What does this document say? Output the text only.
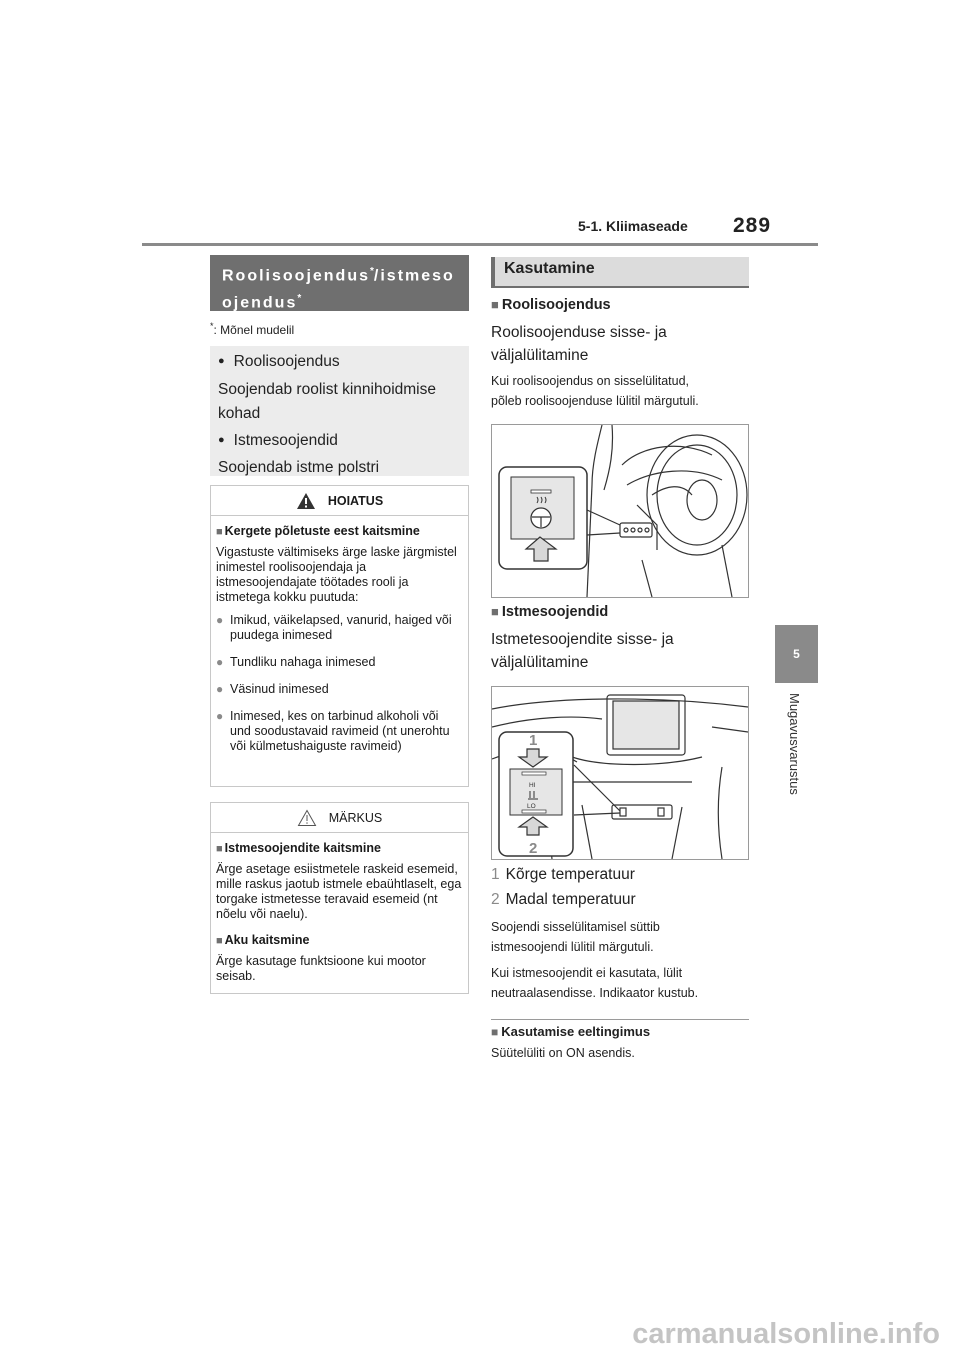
5-1. Kliimaseade 289
5
Mugavusvarustus
Roolisoojendus*/istmeso
ojendus*
*: Mõnel mudelil
● Roolisoojendus
Soojendab roolist kinnihoidmise
kohad
● Istmesoojendid
Soojendab istme polstri
HOIATUS
■ Kergete põletuste eest kaitsmine
Vigastuste vältimiseks ärge laske järgmistel inimestel roolisoojendaja ja istmesoojendajate töötades rooli ja istmetega kokku puutuda:
● Imikud, väikelapsed, vanurid, haiged või puudega inimesed
● Tundliku nahaga inimesed
● Väsinud inimesed
● Inimesed, kes on tarbinud alkoholi või und soodustavaid ravimeid (nt unerohtu või külmetushaiguste ravimeid)
MÄRKUS
■ Istmesoojendite kaitsmine
Ärge asetage esiistmetele raskeid esemeid, mille raskus jaotub istmele ebaühtlaselt, ega torgake istmetesse teravaid esemeid (nt nõelu või naelu).
■ Aku kaitsmine
Ärge kasutage funktsioone kui mootor seisab.
Kasutamine
■ Roolisoojendus
Roolisoojenduse sisse- ja
väljalülitamine
Kui roolisoojendus on sisselülitatud,
põleb roolisoojenduse lülitil märgutuli.
■ Istmesoojendid
Istmetesoojendite sisse- ja
väljalülitamine
HI
LO
1
2
1 Kõrge temperatuur
2 Madal temperatuur
Soojendi sisselülitamisel süttib
istmesoojendi lülitil märgutuli.
Kui istmesoojendit ei kasutata, lülit
neutraalasendisse. Indikaator kustub.
■ Kasutamise eeltingimus
Süütelüliti on ON asendis.
carmanualsonline.info
